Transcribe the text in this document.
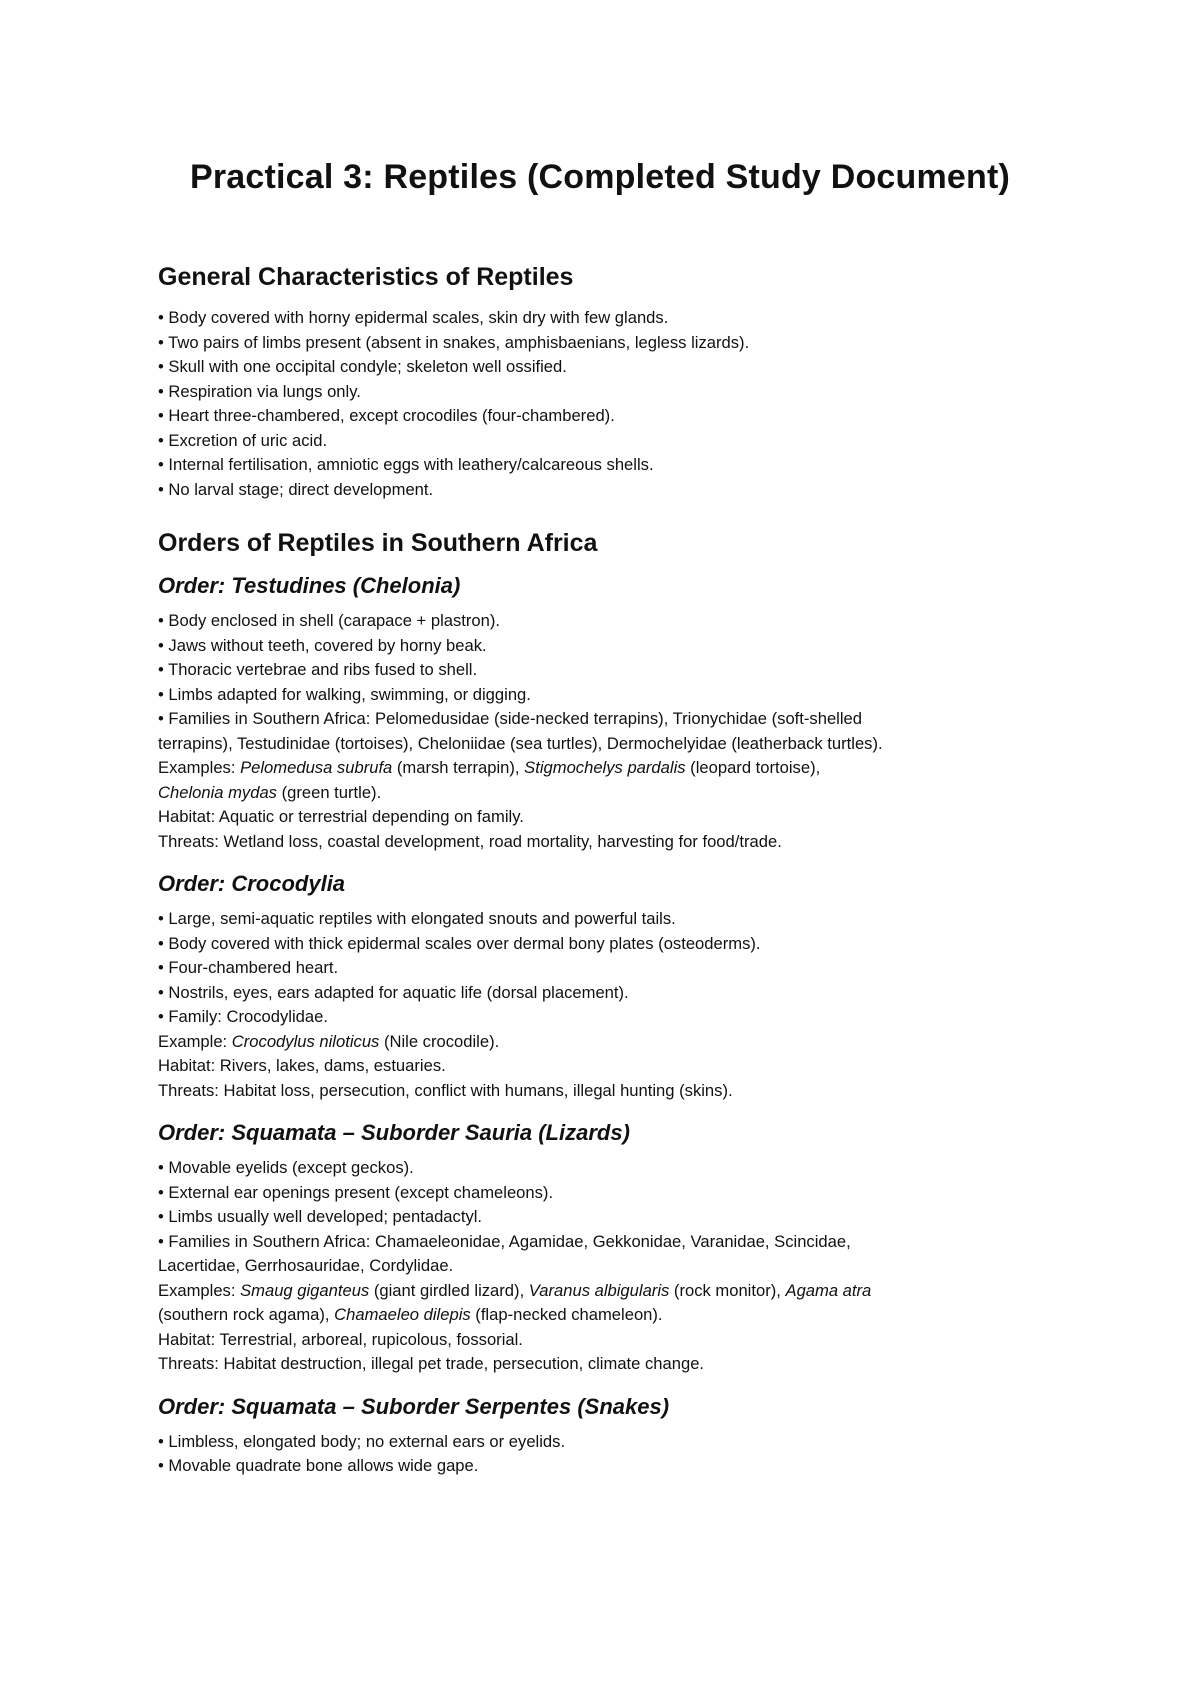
Practical 3: Reptiles (Completed Study Document)
General Characteristics of Reptiles

• Body covered with horny epidermal scales, skin dry with few glands.

• Two pairs of limbs present (absent in snakes, amphisbaenians, legless lizards).

• Skull with one occipital condyle; skeleton well ossified.

• Respiration via lungs only.

• Heart three-chambered, except crocodiles (four-chambered).

• Excretion of uric acid.

• Internal fertilisation, amniotic eggs with leathery/calcareous shells.

• No larval stage; direct development.

Orders of Reptiles in Southern Africa
Order: Testudines (Chelonia)

• Body enclosed in shell (carapace + plastron).

• Jaws without teeth, covered by horny beak.

• Thoracic vertebrae and ribs fused to shell.

• Limbs adapted for walking, swimming, or digging.

• Families in Southern Africa: Pelomedusidae (side-necked terrapins), Trionychidae (soft-shelled

terrapins), Testudinidae (tortoises), Cheloniidae (sea turtles), Dermochelyidae (leatherback turtles).

Examples: Pelomedusa subrufa (marsh terrapin), Stigmochelys pardalis (leopard tortoise),

Chelonia mydas (green turtle).

Habitat: Aquatic or terrestrial depending on family.

Threats: Wetland loss, coastal development, road mortality, harvesting for food/trade.

Order: Crocodylia

• Large, semi-aquatic reptiles with elongated snouts and powerful tails.

• Body covered with thick epidermal scales over dermal bony plates (osteoderms).

• Four-chambered heart.

• Nostrils, eyes, ears adapted for aquatic life (dorsal placement).

• Family: Crocodylidae.

Example: Crocodylus niloticus (Nile crocodile).

Habitat: Rivers, lakes, dams, estuaries.

Threats: Habitat loss, persecution, conflict with humans, illegal hunting (skins).

Order: Squamata – Suborder Sauria (Lizards)

• Movable eyelids (except geckos).

• External ear openings present (except chameleons).

• Limbs usually well developed; pentadactyl.

• Families in Southern Africa: Chamaeleonidae, Agamidae, Gekkonidae, Varanidae, Scincidae,

Lacertidae, Gerrhosauridae, Cordylidae.

Examples: Smaug giganteus (giant girdled lizard), Varanus albigularis (rock monitor), Agama atra

(southern rock agama), Chamaeleo dilepis (flap-necked chameleon).

Habitat: Terrestrial, arboreal, rupicolous, fossorial.

Threats: Habitat destruction, illegal pet trade, persecution, climate change.

Order: Squamata – Suborder Serpentes (Snakes)

• Limbless, elongated body; no external ears or eyelids.

• Movable quadrate bone allows wide gape.
